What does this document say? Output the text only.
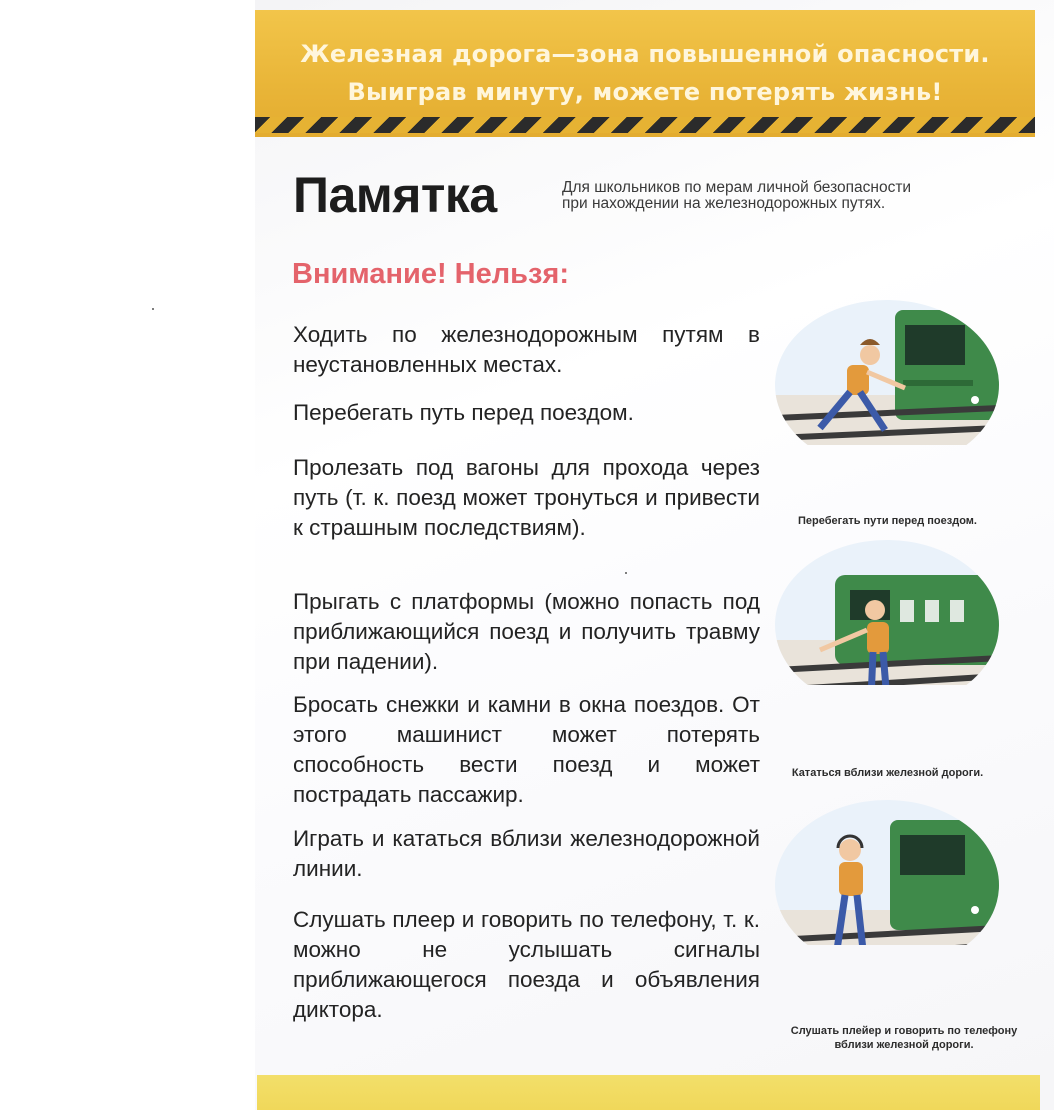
Железная дорога—зона повышенной опасности.
Выиграв минуту, можете потерять жизнь!
Памятка	Для школьников по мерам личной безопасности
при нахождении на железнодорожных путях.
Внимание! Нельзя:

Ходить по железнодорожным путям в неустановленных местах.

Перебегать путь перед поездом.

Пролезать под вагоны для прохода через путь (т. к. поезд может тронуться и привести к страшным последствиям).

Прыгать с платформы (можно попасть под приближающийся поезд и получить травму при падении).

Бросать снежки и камни в окна поездов. От этого машинист может потерять способность вести поезд и может пострадать пассажир.

Играть и кататься вблизи железнодорожной линии.

Слушать плеер и говорить по телефону, т. к. можно не услышать сигналы приближающегося поезда и объявления диктора.

Перебегать пути перед поездом.
Кататься вблизи железной дороги.
Слушать плейер и говорить по телефону
вблизи железной дороги.
